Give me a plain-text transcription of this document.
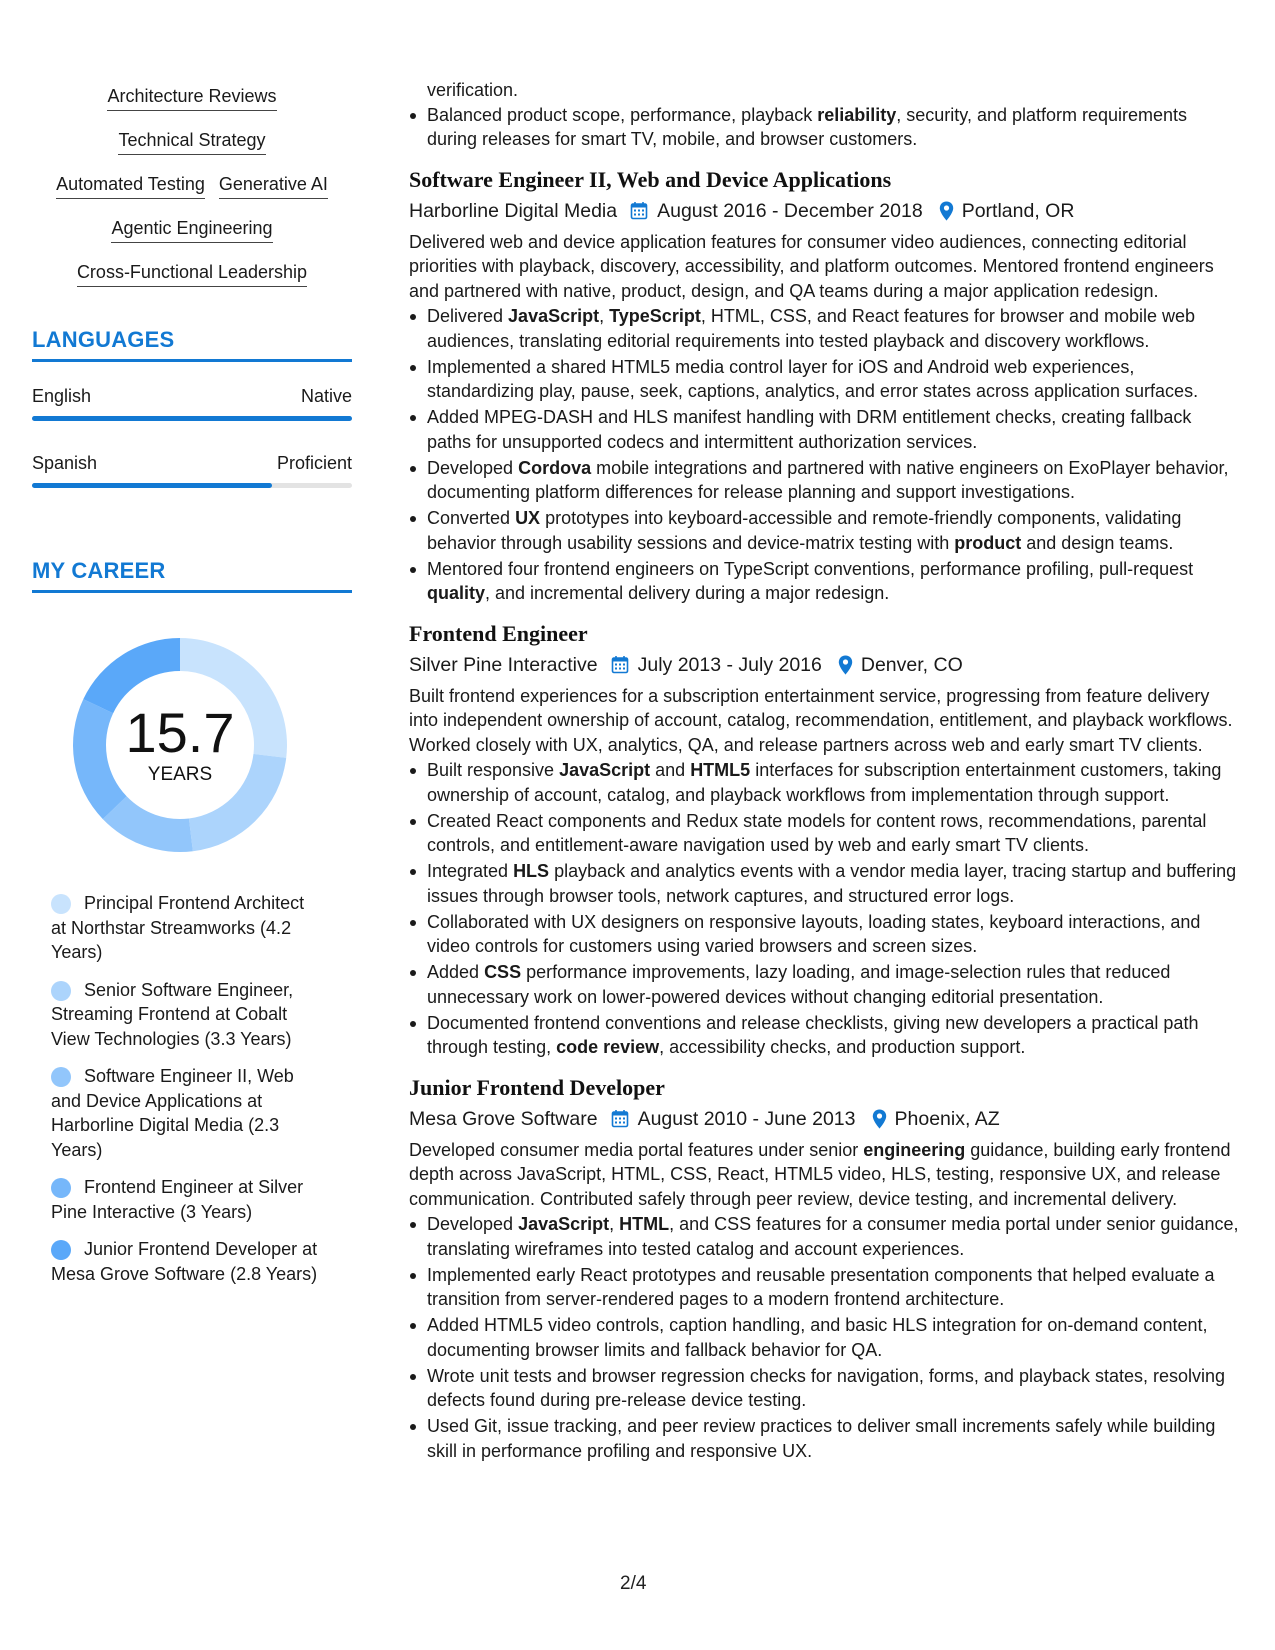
Architecture Reviews
Technical Strategy
Automated Testing Generative AI
Agentic Engineering
Cross-Functional Leadership
LANGUAGES
English	Native
Spanish	Proficient
MY CAREER
15.7
YEARS
Principal Frontend Architect at Northstar Streamworks (4.2 Years)
Senior Software Engineer, Streaming Frontend at Cobalt View Technologies (3.3 Years)
Software Engineer II, Web and Device Applications at Harborline Digital Media (2.3 Years)
Frontend Engineer at Silver Pine Interactive (3 Years)
Junior Frontend Developer at Mesa Grove Software (2.8 Years)
verification.
Balanced product scope, performance, playback reliability, security, and platform requirements during releases for smart TV, mobile, and browser customers.
Software Engineer II, Web and Device Applications
Harborline Digital Media August 2016 - December 2018 Portland, OR
Delivered web and device application features for consumer video audiences, connecting editorial priorities with playback, discovery, accessibility, and platform outcomes. Mentored frontend engineers and partnered with native, product, design, and QA teams during a major application redesign.
Delivered JavaScript, TypeScript, HTML, CSS, and React features for browser and mobile web audiences, translating editorial requirements into tested playback and discovery workflows.
Implemented a shared HTML5 media control layer for iOS and Android web experiences, standardizing play, pause, seek, captions, analytics, and error states across application surfaces.
Added MPEG-DASH and HLS manifest handling with DRM entitlement checks, creating fallback paths for unsupported codecs and intermittent authorization services.
Developed Cordova mobile integrations and partnered with native engineers on ExoPlayer behavior, documenting platform differences for release planning and support investigations.
Converted UX prototypes into keyboard-accessible and remote-friendly components, validating behavior through usability sessions and device-matrix testing with product and design teams.
Mentored four frontend engineers on TypeScript conventions, performance profiling, pull-request quality, and incremental delivery during a major redesign.
Frontend Engineer
Silver Pine Interactive July 2013 - July 2016 Denver, CO
Built frontend experiences for a subscription entertainment service, progressing from feature delivery into independent ownership of account, catalog, recommendation, entitlement, and playback workflows. Worked closely with UX, analytics, QA, and release partners across web and early smart TV clients.
Built responsive JavaScript and HTML5 interfaces for subscription entertainment customers, taking ownership of account, catalog, and playback workflows from implementation through support.
Created React components and Redux state models for content rows, recommendations, parental controls, and entitlement-aware navigation used by web and early smart TV clients.
Integrated HLS playback and analytics events with a vendor media layer, tracing startup and buffering issues through browser tools, network captures, and structured error logs.
Collaborated with UX designers on responsive layouts, loading states, keyboard interactions, and video controls for customers using varied browsers and screen sizes.
Added CSS performance improvements, lazy loading, and image-selection rules that reduced unnecessary work on lower-powered devices without changing editorial presentation.
Documented frontend conventions and release checklists, giving new developers a practical path through testing, code review, accessibility checks, and production support.
Junior Frontend Developer
Mesa Grove Software August 2010 - June 2013 Phoenix, AZ
Developed consumer media portal features under senior engineering guidance, building early frontend depth across JavaScript, HTML, CSS, React, HTML5 video, HLS, testing, responsive UX, and release communication. Contributed safely through peer review, device testing, and incremental delivery.
Developed JavaScript, HTML, and CSS features for a consumer media portal under senior guidance, translating wireframes into tested catalog and account experiences.
Implemented early React prototypes and reusable presentation components that helped evaluate a transition from server-rendered pages to a modern frontend architecture.
Added HTML5 video controls, caption handling, and basic HLS integration for on-demand content, documenting browser limits and fallback behavior for QA.
Wrote unit tests and browser regression checks for navigation, forms, and playback states, resolving defects found during pre-release device testing.
Used Git, issue tracking, and peer review practices to deliver small increments safely while building skill in performance profiling and responsive UX.
2/4
